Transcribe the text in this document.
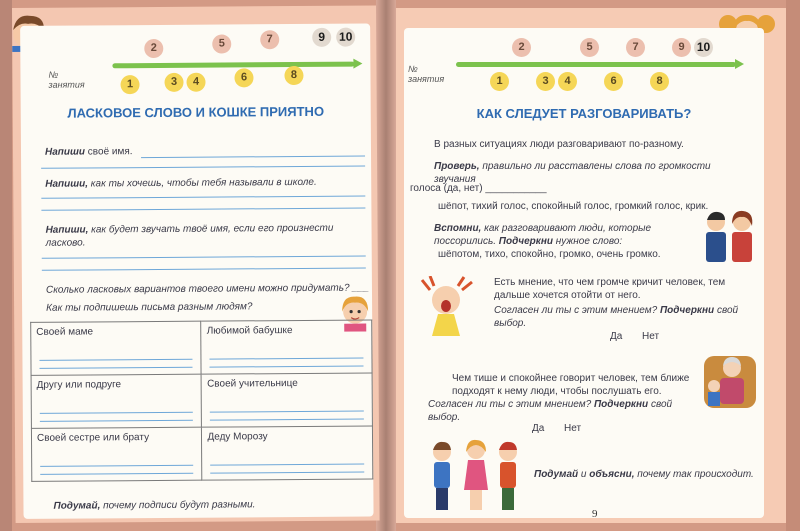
№
занятия
2	5	7	9	10
1	3	4	6	8
ЛАСКОВОЕ СЛОВО И КОШКЕ ПРИЯТНО
Напиши своё имя.
Напиши, как ты хочешь, чтобы тебя называли в школе.
Напиши, как будет звучать твоё имя, если его произнести ласково.
Сколько ласковых вариантов твоего имени можно придумать? ___
Как ты подпишешь письма разным людям?
Своей маме	Любимой бабушке

Другу или подруге	Своей учительнице

Своей сестре или брату	Деду Морозу
Подумай, почему подписи будут разными.
№
занятия
2	5	7	9	10
1	3	4	6	8
КАК СЛЕДУЕТ РАЗГОВАРИВАТЬ?
В разных ситуациях люди разговаривают по-разному.
Проверь, правильно ли расставлены слова по громкости звучания
голоса (да, нет) ___________
шёпот, тихий голос, спокойный голос, громкий голос, крик.
Вспомни, как разговаривают люди, которые поссорились. Подчеркни нужное слово:
шёпотом, тихо, спокойно, громко, очень громко.
Есть мнение, что чем громче кричит человек, тем дальше хочется отойти от него.
Согласен ли ты с этим мнением? Подчеркни свой выбор.
Да Нет
Чем тише и спокойнее говорит человек, тем ближе подходят к нему люди, чтобы послушать его.
Согласен ли ты с этим мнением? Подчеркни свой выбор.
Да Нет
Подумай и объясни, почему так происходит.
9
